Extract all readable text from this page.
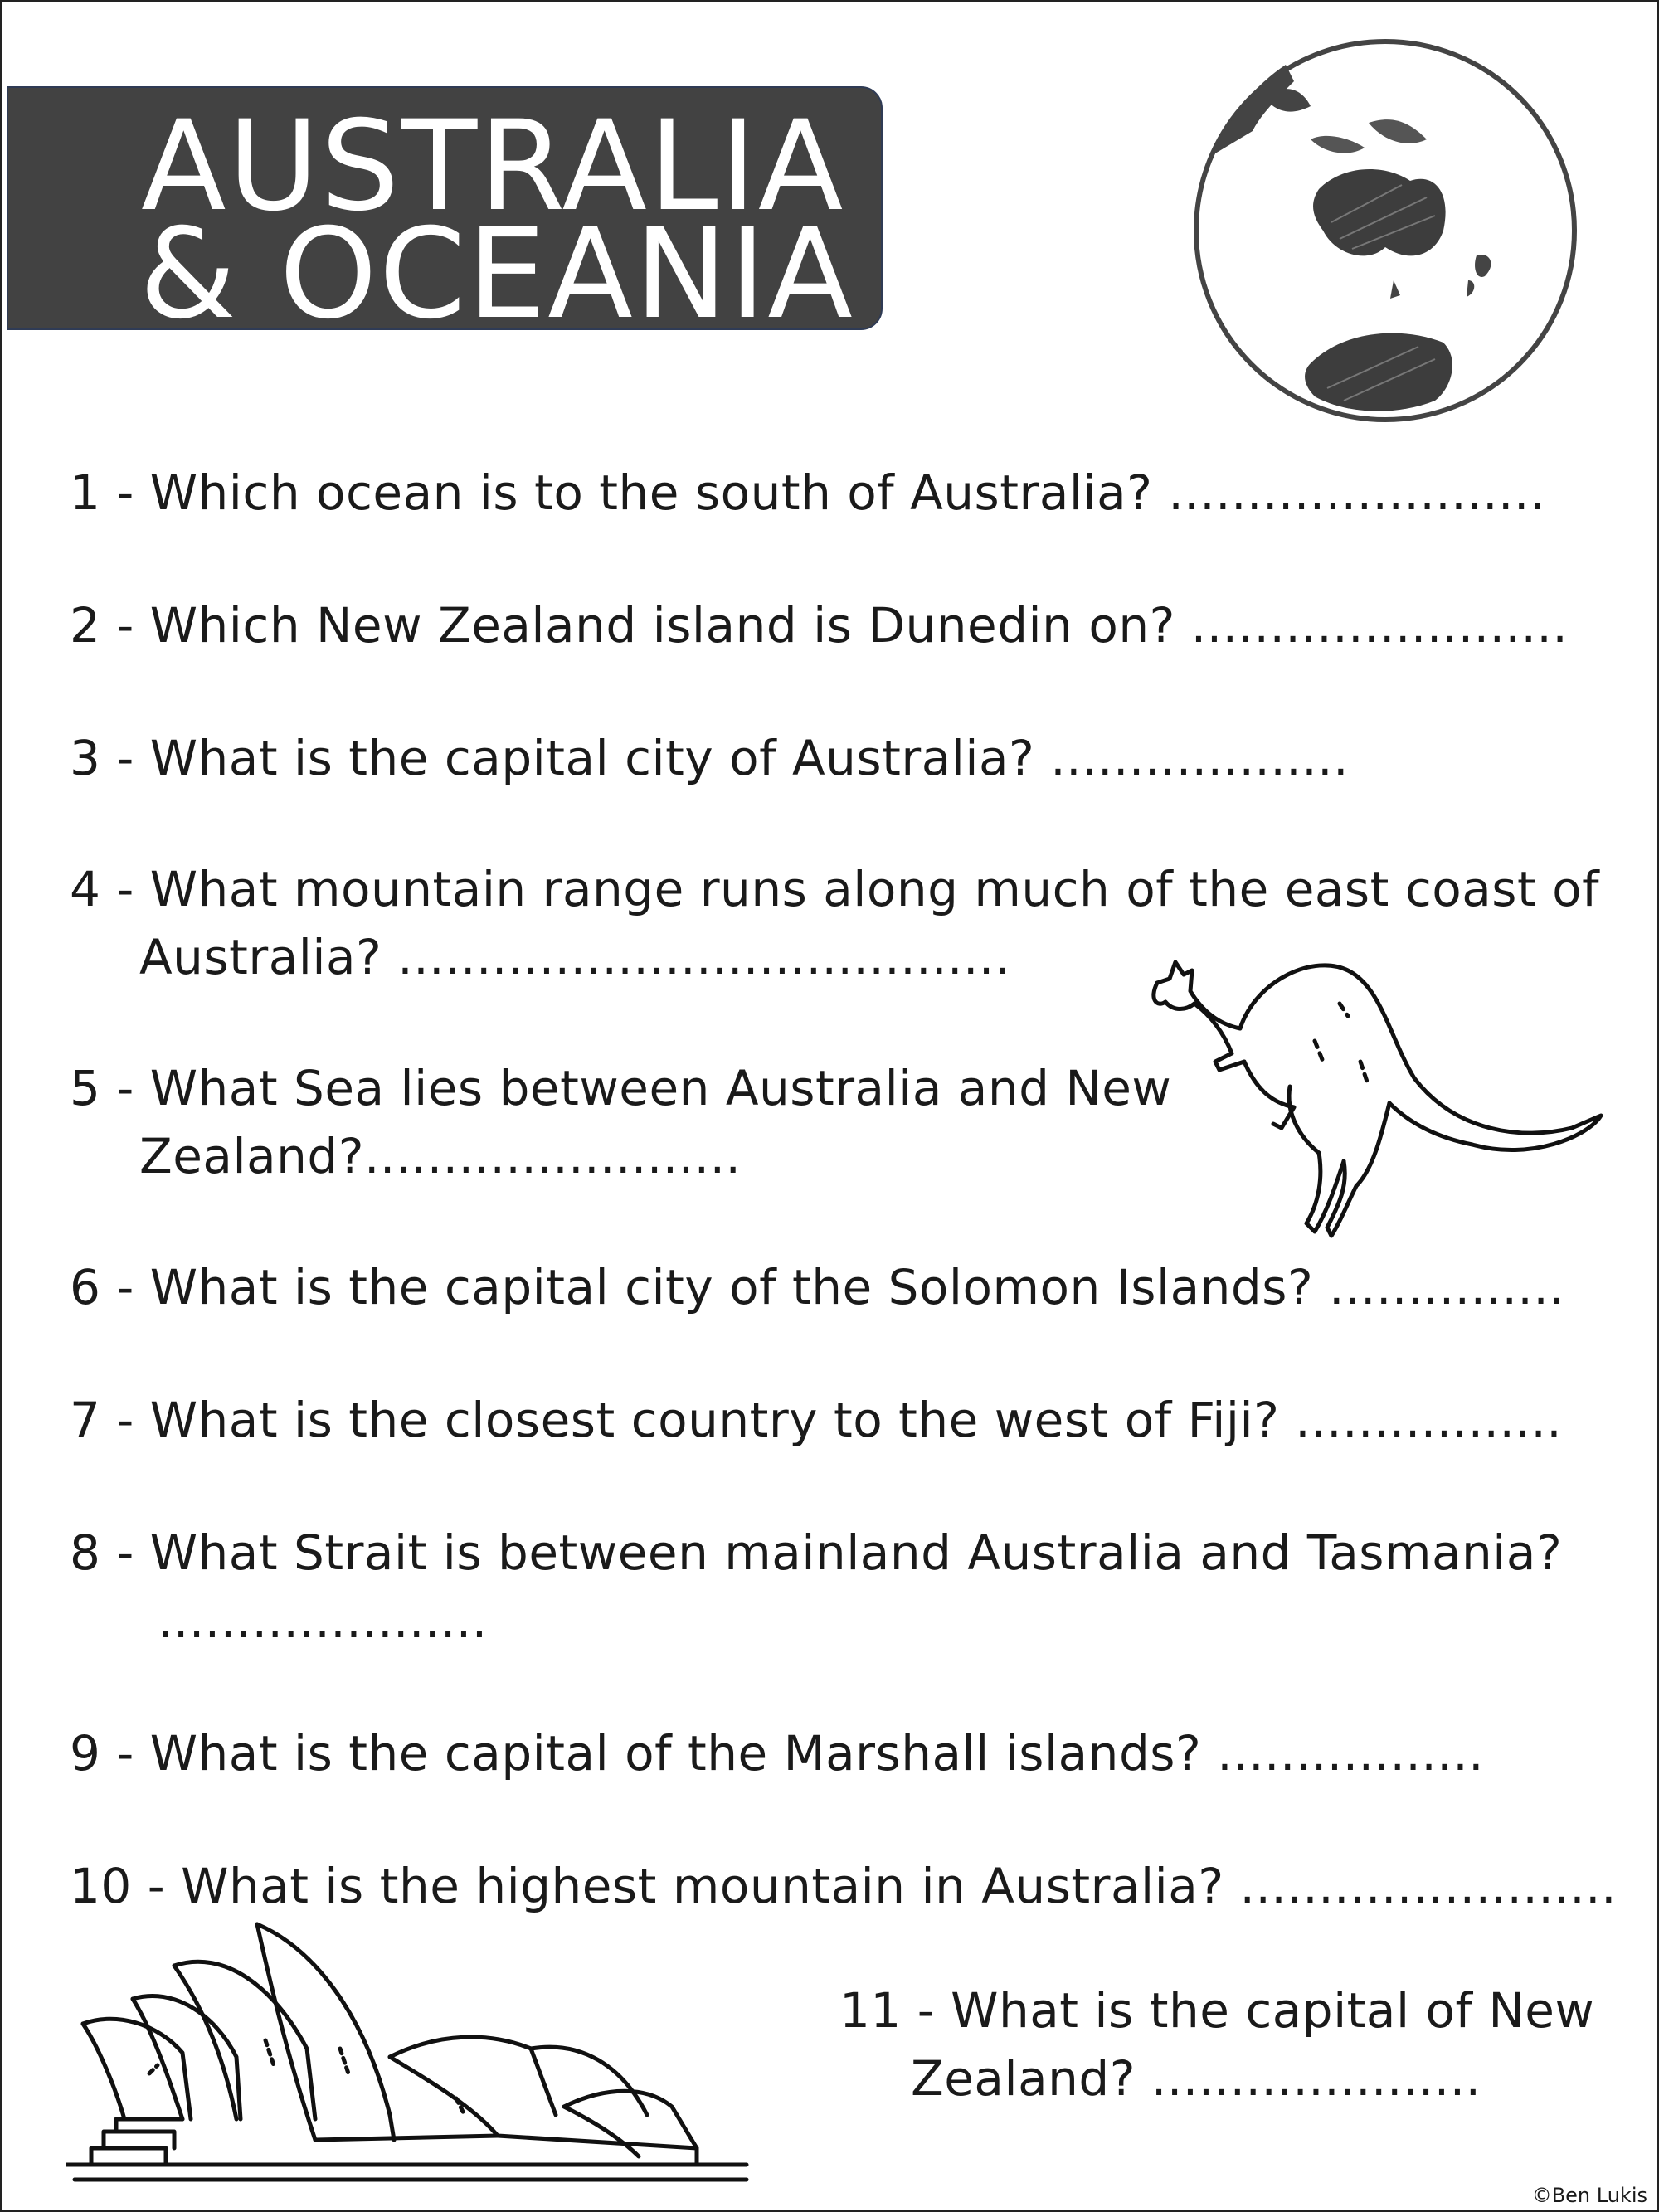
AUSTRALIA
& OCEANIA
1 - Which ocean is to the south of Australia? ........................
2 - Which New Zealand island is Dunedin on? ........................
3 - What is the capital city of Australia? ...................
4 - What mountain range runs along much of the east coast of
Australia? .......................................
5 - What Sea lies between Australia and New
Zealand?........................
6 - What is the capital city of the Solomon Islands? ...............
7 - What is the closest country to the west of Fiji? .................
8 - What Strait is between mainland Australia and Tasmania?
.....................
9 - What is the capital of the Marshall islands? .................
10 - What is the highest mountain in Australia? ........................
11 - What is the capital of New
Zealand? .....................
©Ben Lukis
